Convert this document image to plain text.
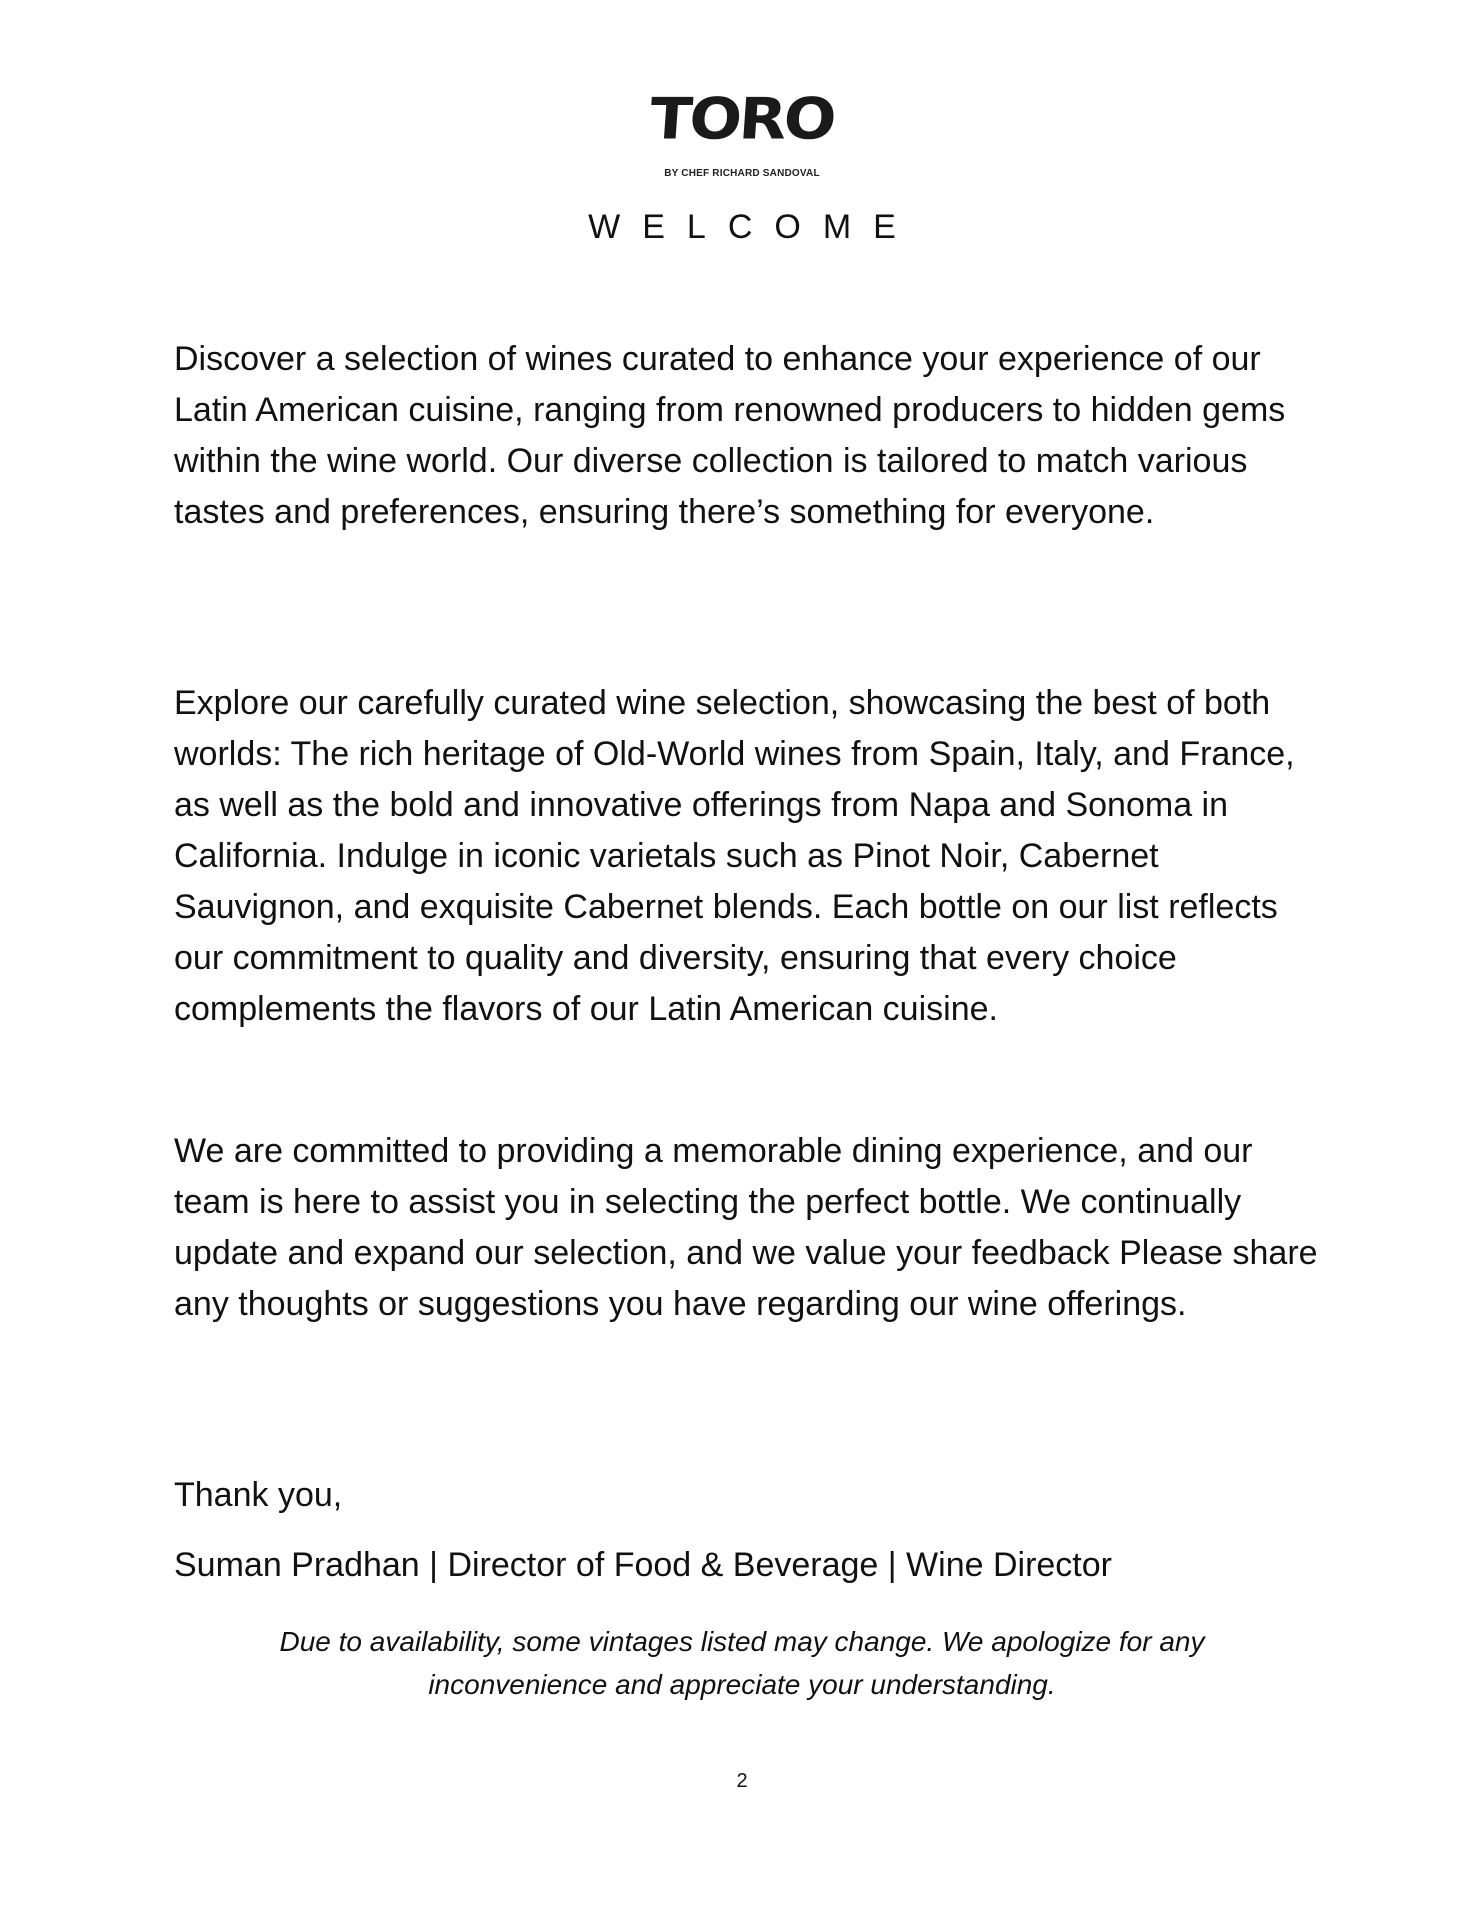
TORO
BY CHEF RICHARD SANDOVAL
WELCOME

Discover a selection of wines curated to enhance your experience of our Latin American cuisine, ranging from renowned producers to hidden gems within the wine world. Our diverse collection is tailored to match various tastes and preferences, ensuring there’s something for everyone.

Explore our carefully curated wine selection, showcasing the best of both worlds: The rich heritage of Old-World wines from Spain, Italy, and France, as well as the bold and innovative offerings from Napa and Sonoma in California. Indulge in iconic varietals such as Pinot Noir, Cabernet Sauvignon, and exquisite Cabernet blends. Each bottle on our list reflects our commitment to quality and diversity, ensuring that every choice complements the flavors of our Latin American cuisine.

We are committed to providing a memorable dining experience, and our team is here to assist you in selecting the perfect bottle. We continually update and expand our selection, and we value your feedback Please share any thoughts or suggestions you have regarding our wine offerings.

Thank you,

Suman Pradhan | Director of Food & Beverage | Wine Director

Due to availability, some vintages listed may change. We apologize for any inconvenience and appreciate your understanding.

2
